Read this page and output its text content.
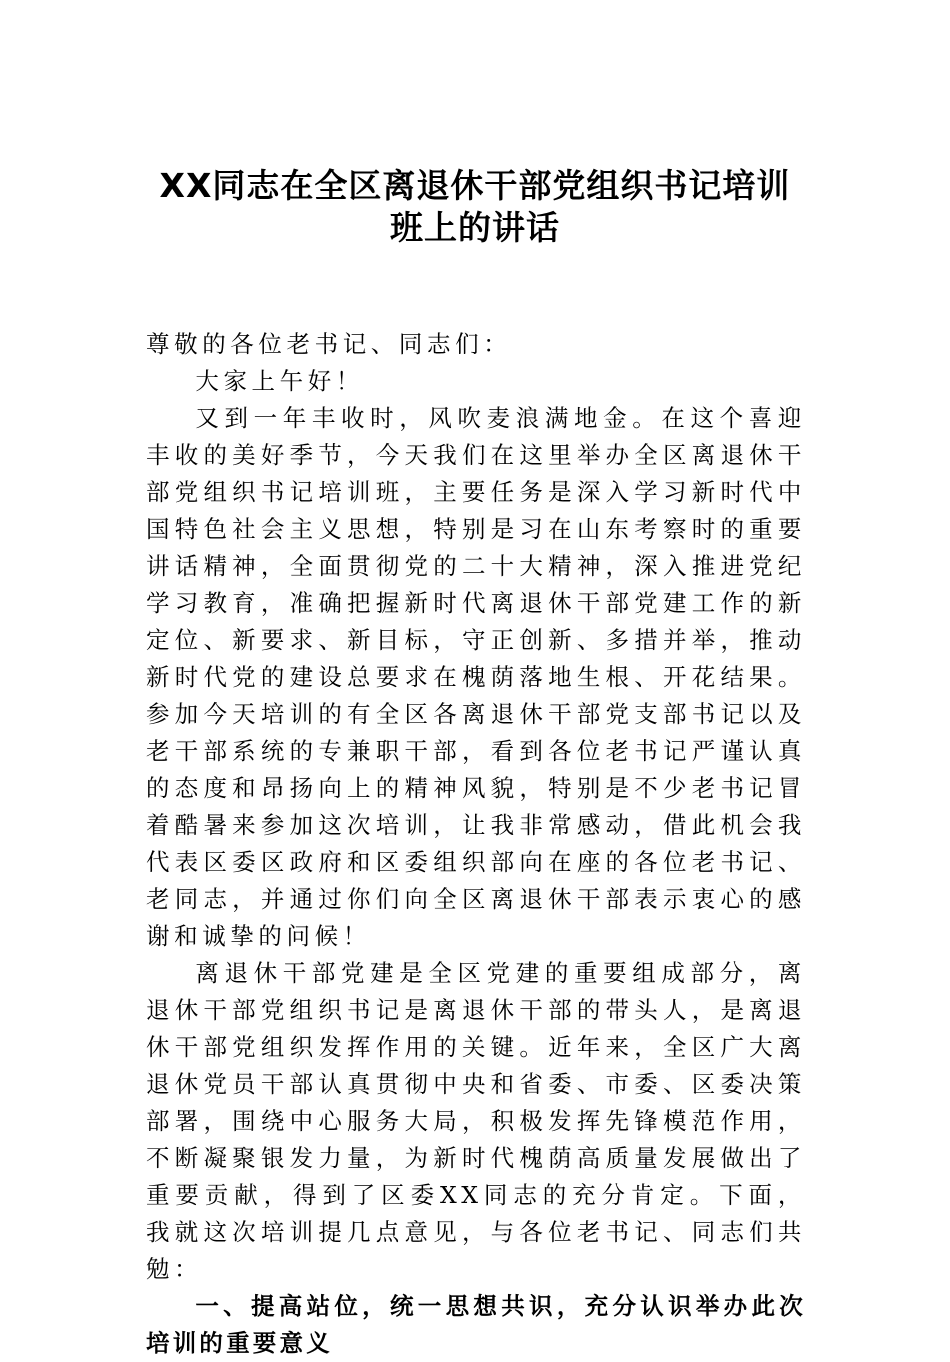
XX同志在全区离退休干部党组织书记培训
班上的讲话

尊敬的各位老书记、同志们：

大家上午好！

又到一年丰收时，风吹麦浪满地金。在这个喜迎丰收的美好季节，今天我们在这里举办全区离退休干部党组织书记培训班，主要任务是深入学习新时代中国特色社会主义思想，特别是习在山东考察时的重要讲话精神，全面贯彻党的二十大精神，深入推进党纪学习教育，准确把握新时代离退休干部党建工作的新定位、新要求、新目标，守正创新、多措并举，推动新时代党的建设总要求在槐荫落地生根、开花结果。参加今天培训的有全区各离退休干部党支部书记以及老干部系统的专兼职干部，看到各位老书记严谨认真的态度和昂扬向上的精神风貌，特别是不少老书记冒着酷暑来参加这次培训，让我非常感动，借此机会我代表区委区政府和区委组织部向在座的各位老书记、老同志，并通过你们向全区离退休干部表示衷心的感谢和诚挚的问候！

离退休干部党建是全区党建的重要组成部分，离退休干部党组织书记是离退休干部的带头人，是离退休干部党组织发挥作用的关键。近年来，全区广大离退休党员干部认真贯彻中央和省委、市委、区委决策部署，围绕中心服务大局，积极发挥先锋模范作用，不断凝聚银发力量，为新时代槐荫高质量发展做出了重要贡献，得到了区委XX同志的充分肯定。下面，我就这次培训提几点意见，与各位老书记、同志们共勉：

一、提高站位，统一思想共识，充分认识举办此次培训的重要意义
